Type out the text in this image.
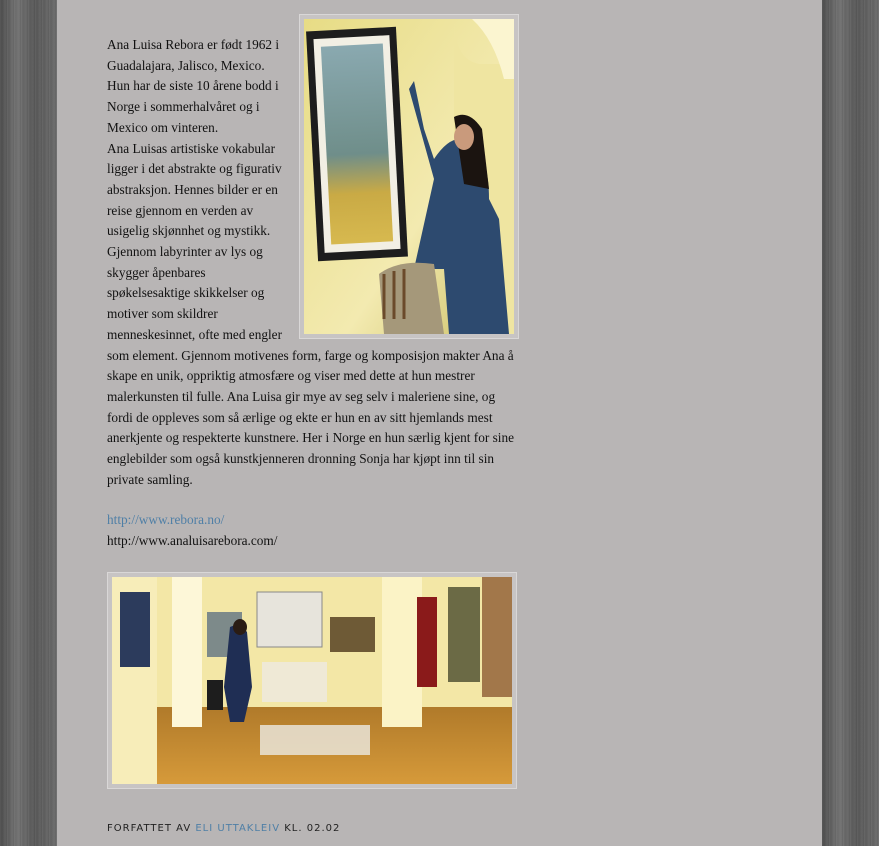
Ana Luisa Rebora er født 1962 i Guadalajara, Jalisco, Mexico. Hun har de siste 10 årene bodd i Norge i sommerhalvåret og i Mexico om vinteren.

Ana Luisas artistiske vokabular ligger i det abstrakte og figurativ abstraksjon. Hennes bilder er en reise gjennom en verden av usigelig skjønnhet og mystikk. Gjennom labyrinter av lys og skygger åpenbares spøkelsesaktige skikkelser og motiver som skildrer menneskesinnet, ofte med engler som element. Gjennom motivenes form, farge og komposisjon makter Ana å skape en unik, oppriktig atmosfære og viser med dette at hun mestrer malerkunsten til fulle. Ana Luisa gir mye av seg selv i maleriene sine, og fordi de oppleves som så ærlige og ekte er hun en av sitt hjemlands mest anerkjente og respekterte kunstnere. Her i Norge en hun særlig kjent for sine englebilder som også kunstkjenneren dronning Sonja har kjøpt inn til sin private samling.

http://www.rebora.no/
http://www.analuisarebora.com/
FORFATTET AV ELI UTTAKLEIV KL. 02.02
